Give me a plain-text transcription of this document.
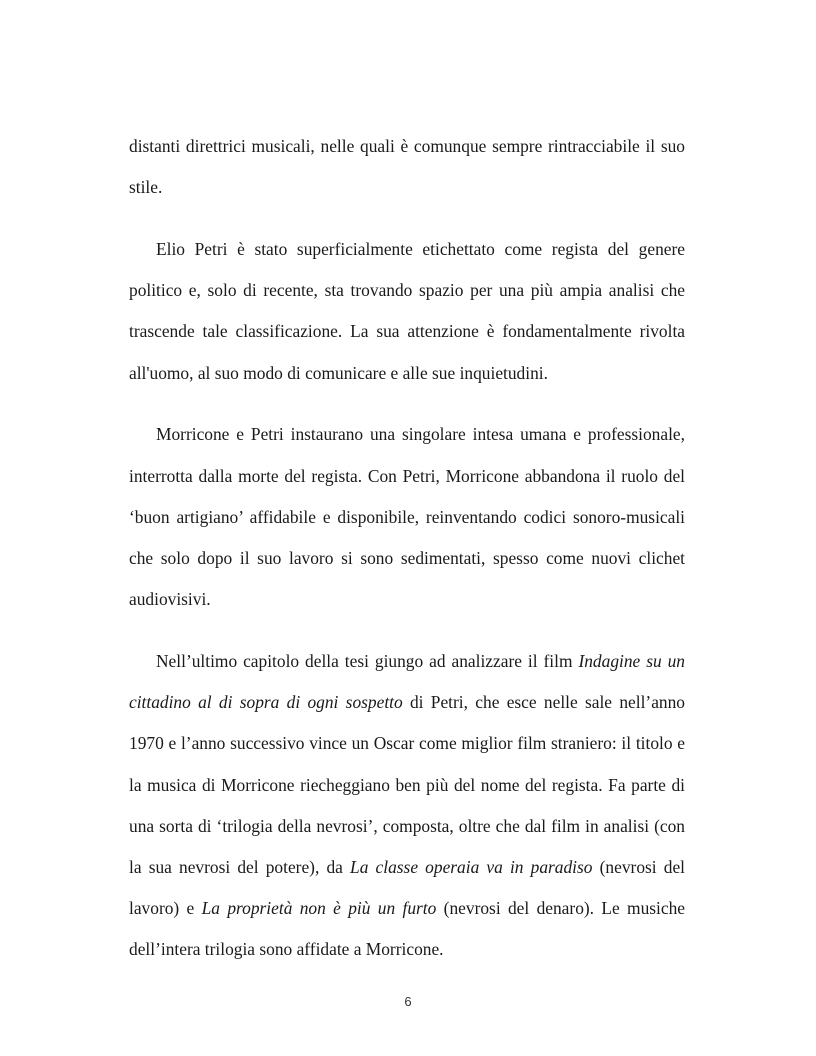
distanti direttrici musicali, nelle quali è comunque sempre rintracciabile il suo stile.

Elio Petri è stato superficialmente etichettato come regista del genere politico e, solo di recente, sta trovando spazio per una più ampia analisi che trascende tale classificazione. La sua attenzione è fondamentalmente rivolta all'uomo, al suo modo di comunicare e alle sue inquietudini.

Morricone e Petri instaurano una singolare intesa umana e professionale, interrotta dalla morte del regista. Con Petri, Morricone abbandona il ruolo del ‘buon artigiano’ affidabile e disponibile, reinventando codici sonoro-musicali che solo dopo il suo lavoro si sono sedimentati, spesso come nuovi clichet audiovisivi.

Nell’ultimo capitolo della tesi giungo ad analizzare il film Indagine su un cittadino al di sopra di ogni sospetto di Petri, che esce nelle sale nell’anno 1970 e l’anno successivo vince un Oscar come miglior film straniero: il titolo e la musica di Morricone riecheggiano ben più del nome del regista. Fa parte di una sorta di ‘trilogia della nevrosi’, composta, oltre che dal film in analisi (con la sua nevrosi del potere), da La classe operaia va in paradiso (nevrosi del lavoro) e La proprietà non è più un furto (nevrosi del denaro). Le musiche dell’intera trilogia sono affidate a Morricone.

6
